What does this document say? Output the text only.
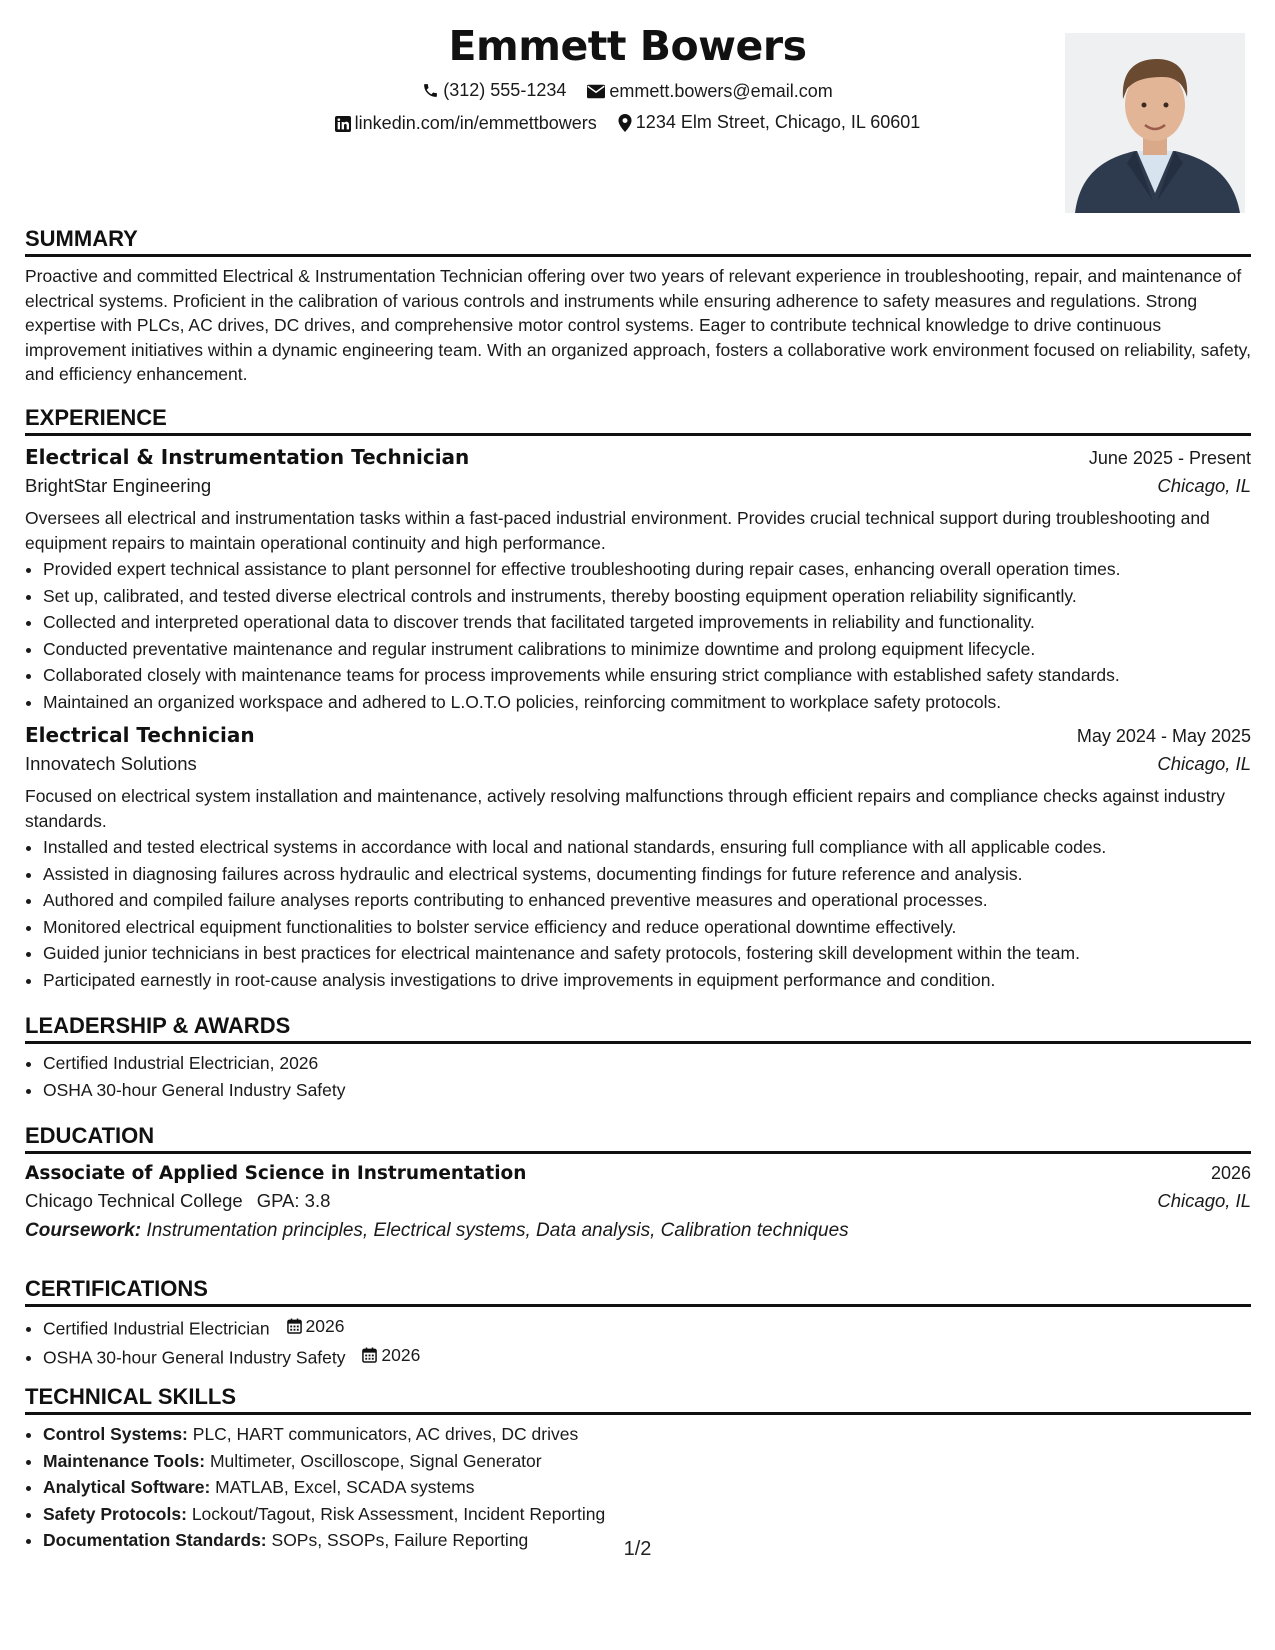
Emmett Bowers
(312) 555-1234
emmett.bowers@email.com
linkedin.com/in/emmettbowers
1234 Elm Street, Chicago, IL 60601
SUMMARY

Proactive and committed Electrical & Instrumentation Technician offering over two years of relevant experience in troubleshooting, repair, and maintenance of electrical systems. Proficient in the calibration of various controls and instruments while ensuring adherence to safety measures and regulations. Strong expertise with PLCs, AC drives, DC drives, and comprehensive motor control systems. Eager to contribute technical knowledge to drive continuous improvement initiatives within a dynamic engineering team. With an organized approach, fosters a collaborative work environment focused on reliability, safety, and efficiency enhancement.

EXPERIENCE
Electrical & Instrumentation Technician	June 2025 - Present
BrightStar Engineering	Chicago, IL

Oversees all electrical and instrumentation tasks within a fast-paced industrial environment. Provides crucial technical support during troubleshooting and equipment repairs to maintain operational continuity and high performance.

• Provided expert technical assistance to plant personnel for effective troubleshooting during repair cases, enhancing overall operation times.
• Set up, calibrated, and tested diverse electrical controls and instruments, thereby boosting equipment operation reliability significantly.
• Collected and interpreted operational data to discover trends that facilitated targeted improvements in reliability and functionality.
• Conducted preventative maintenance and regular instrument calibrations to minimize downtime and prolong equipment lifecycle.
• Collaborated closely with maintenance teams for process improvements while ensuring strict compliance with established safety standards.
• Maintained an organized workspace and adhered to L.O.T.O policies, reinforcing commitment to workplace safety protocols.
Electrical Technician	May 2024 - May 2025
Innovatech Solutions	Chicago, IL

Focused on electrical system installation and maintenance, actively resolving malfunctions through efficient repairs and compliance checks against industry standards.

• Installed and tested electrical systems in accordance with local and national standards, ensuring full compliance with all applicable codes.
• Assisted in diagnosing failures across hydraulic and electrical systems, documenting findings for future reference and analysis.
• Authored and compiled failure analyses reports contributing to enhanced preventive measures and operational processes.
• Monitored electrical equipment functionalities to bolster service efficiency and reduce operational downtime effectively.
• Guided junior technicians in best practices for electrical maintenance and safety protocols, fostering skill development within the team.
• Participated earnestly in root-cause analysis investigations to drive improvements in equipment performance and condition.
LEADERSHIP & AWARDS
• Certified Industrial Electrician, 2026
• OSHA 30-hour General Industry Safety
EDUCATION
Associate of Applied Science in Instrumentation	2026
Chicago Technical College GPA: 3.8	Chicago, IL
Coursework: Instrumentation principles, Electrical systems, Data analysis, Calibration techniques
CERTIFICATIONS
• Certified Industrial Electrician 2026
• OSHA 30-hour General Industry Safety 2026
TECHNICAL SKILLS
• Control Systems: PLC, HART communicators, AC drives, DC drives
• Maintenance Tools: Multimeter, Oscilloscope, Signal Generator
• Analytical Software: MATLAB, Excel, SCADA systems
• Safety Protocols: Lockout/Tagout, Risk Assessment, Incident Reporting
• Documentation Standards: SOPs, SSOPs, Failure Reporting	1/2
